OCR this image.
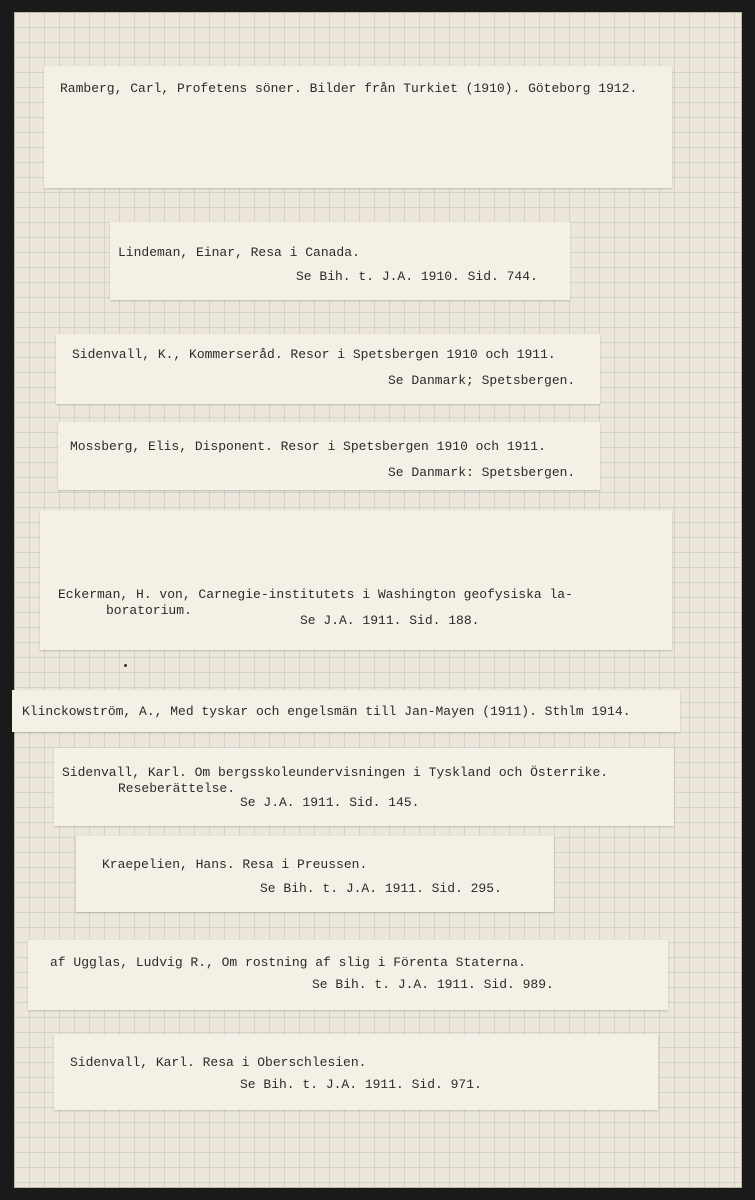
Ramberg, Carl, Profetens söner. Bilder från Turkiet (1910). Göteborg 1912.
Lindeman, Einar, Resa i Canada.
Se Bih. t. J.A. 1910. Sid. 744.
Sidenvall, K., Kommerseråd. Resor i Spetsbergen 1910 och 1911.
Se Danmark; Spetsbergen.
Mossberg, Elis, Disponent. Resor i Spetsbergen 1910 och 1911.
Se Danmark: Spetsbergen.
Eckerman, H. von, Carnegie-institutets i Washington geofysiska la-
boratorium.
Se J.A. 1911. Sid. 188.
Klinckowström, A., Med tyskar och engelsmän till Jan-Mayen (1911). Sthlm 1914.
Sidenvall, Karl. Om bergsskoleundervisningen i Tyskland och Österrike.
Reseberättelse.
Se J.A. 1911. Sid. 145.
Kraepelien, Hans. Resa i Preussen.
Se Bih. t. J.A. 1911. Sid. 295.
af Ugglas, Ludvig R., Om rostning af slig i Förenta Staterna.
Se Bih. t. J.A. 1911. Sid. 989.
Sidenvall, Karl. Resa i Oberschlesien.
Se Bih. t. J.A. 1911. Sid. 971.
